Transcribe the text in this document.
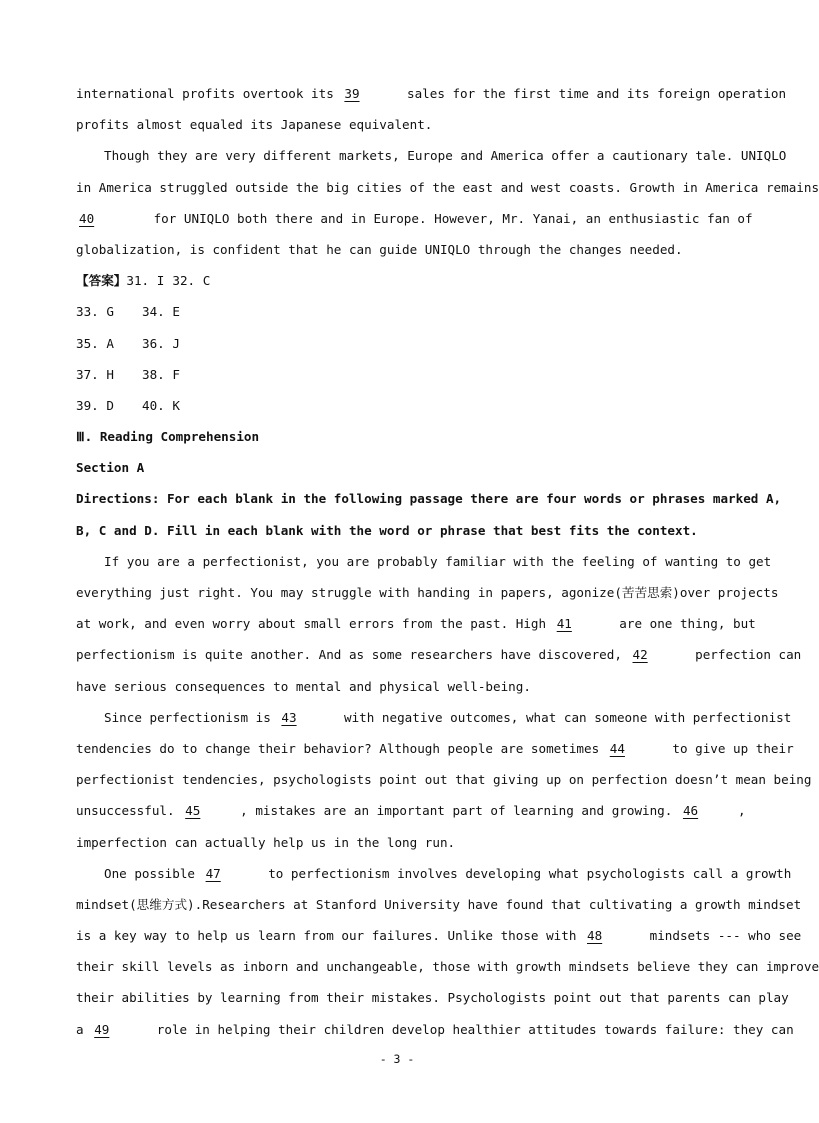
international profits overtook its 39	sales for the first time and its foreign operation
profits almost equaled its Japanese equivalent.
Though they are very different markets, Europe and America offer a cautionary tale. UNIQLO
in America struggled outside the big cities of the east and west coasts. Growth in America remains
40	for UNIQLO both there and in Europe. However, Mr. Yanai, an enthusiastic fan of
globalization, is confident that he can guide UNIQLO through the changes needed.
【答案】31. I 32. C
33. G 34. E
35. A 36. J
37. H 38. F
39. D 40. K
Ⅲ. Reading Comprehension
Section A
Directions: For each blank in the following passage there are four words or phrases marked A,
B, C and D. Fill in each blank with the word or phrase that best fits the context.
If you are a perfectionist, you are probably familiar with the feeling of wanting to get
everything just right. You may struggle with handing in papers, agonize(苦苦思索)over projects
at work, and even worry about small errors from the past. High 41	are one thing, but
perfectionism is quite another. And as some researchers have discovered, 42	perfection can
have serious consequences to mental and physical well-being.
Since perfectionism is 43	with negative outcomes, what can someone with perfectionist
tendencies do to change their behavior? Although people are sometimes 44	to give up their
perfectionist tendencies, psychologists point out that giving up on perfection doesn’t mean being
unsuccessful. 45	, mistakes are an important part of learning and growing. 46	,
imperfection can actually help us in the long run.
One possible 47	to perfectionism involves developing what psychologists call a growth
mindset(思维方式).Researchers at Stanford University have found that cultivating a growth mindset
is a key way to help us learn from our failures. Unlike those with 48	mindsets --- who see
their skill levels as inborn and unchangeable, those with growth mindsets believe they can improve
their abilities by learning from their mistakes. Psychologists point out that parents can play
a 49	role in helping their children develop healthier attitudes towards failure: they can
- 3 -
